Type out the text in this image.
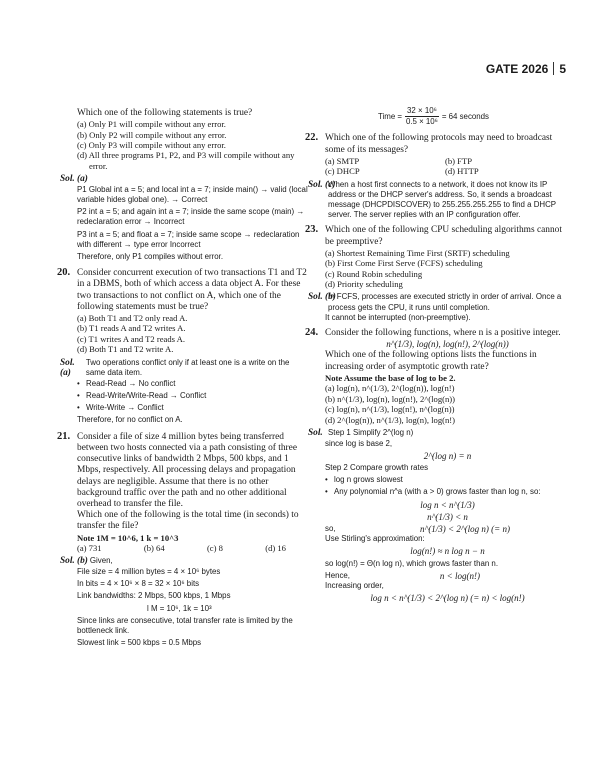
GATE 2026 5

Which one of the following statements is true?

(a) Only P1 will compile without any error.

(b) Only P2 will compile without any error.

(c) Only P3 will compile without any error.

(d) All three programs P1, P2, and P3 will compile without any error.

Sol. (a)

P1 Global int a = 5; and local int a = 7; inside main() → valid (local variable hides global one). → Correct

P2 int a = 5; and again int a = 7; inside the same scope (main) → redeclaration error → Incorrect

P3 int a = 5; and float a = 7; inside same scope → redeclaration with different → type error Incorrect

Therefore, only P1 compiles without error.

20. Consider concurrent execution of two transactions T1 and T2 in a DBMS, both of which access a data object A. For these two transactions to not conflict on A, which one of the following statements must be true?

(a) Both T1 and T2 only read A.

(b) T1 reads A and T2 writes A.

(c) T1 writes A and T2 reads A.

(d) Both T1 and T2 write A.

Sol. (a)
Two operations conflict only if at least one is a write on the same data item.

• Read-Read → No conflict

• Read-Write/Write-Read → Conflict

• Write-Write → Conflict

Therefore, for no conflict on A.

21. Consider a file of size 4 million bytes being transferred between two hosts connected via a path consisting of three consecutive links of bandwidth 2 Mbps, 500 kbps, and 1 Mbps, respectively. All processing delays and propagation delays are negligible. Assume that there is no other background traffic over the path and no other additional overhead to transfer the file.

Which one of the following is the total time (in seconds) to transfer the file?

Note 1M = 10^6, 1 k = 10^3

(a) 731	(b) 64	(c) 8	(d) 16
Sol. (b) Given,

File size = 4 million bytes = 4 × 10⁶ bytes

In bits = 4 × 10⁶ × 8 = 32 × 10⁶ bits

Link bandwidths: 2 Mbps, 500 kbps, 1 Mbps

l M = 10⁶, 1k = 10³

Since links are consecutive, total transfer rate is limited by the bottleneck link.

Slowest link = 500 kbps = 0.5 Mbps

Time = $\frac{\text{32 × 10⁶}}{\text{0.5 × 10⁶}} = 64$ seconds
22. Which one of the following protocols may need to broadcast some of its messages?

(a) SMTP	(b) FTP
(c) DHCP	(d) HTTP
Sol. (c)
When a host first connects to a network, it does not know its IP address or the DHCP server's address. So, it sends a broadcast message (DHCPDISCOVER) to 255.255.255.255 to find a DHCP server. The server replies with an IP configuration offer.
23. Which one of the following CPU scheduling algorithms cannot be preemptive?

(a) Shortest Remaining Time First (SRTF) scheduling

(b) First Come First Serve (FCFS) scheduling

(c) Round Robin scheduling

(d) Priority scheduling

Sol. (b)
In FCFS, processes are executed strictly in order of arrival. Once a process gets the CPU, it runs until completion.

It cannot be interrupted (non-preemptive).

24. Consider the following functions, where n is a positive integer.

n^(1/3), log(n), log(n!), 2^(log(n))

Which one of the following options lists the functions in increasing order of asymptotic growth rate?

Note Assume the base of log to be 2.

(a) log(n), n^(1/3), 2^(log(n)), log(n!)

(b) n^(1/3), log(n), log(n!), 2^(log(n))

(c) log(n), n^(1/3), log(n!), n^(log(n))

(d) 2^(log(n)), n^(1/3), log(n), log(n!)

Sol. Step 1 Simplify 2^(log n)

since log is base 2,

2^(log n) = n

Step 2 Compare growth rates

• log n grows slowest

• Any polynomial n^a (with a > 0) grows faster than log n, so:

log n < n^(1/3)

n^(1/3) < n

so,	n^(1/3) < 2^(log n) (= n)

Use Stirling's approximation:

log(n!) ≈ n log n − n

so log(n!) = Θ(n log n), which grows faster than n.

Hence,	n < log(n!)

Increasing order,

log n < n^(1/3) < 2^(log n) (= n) < log(n!)
